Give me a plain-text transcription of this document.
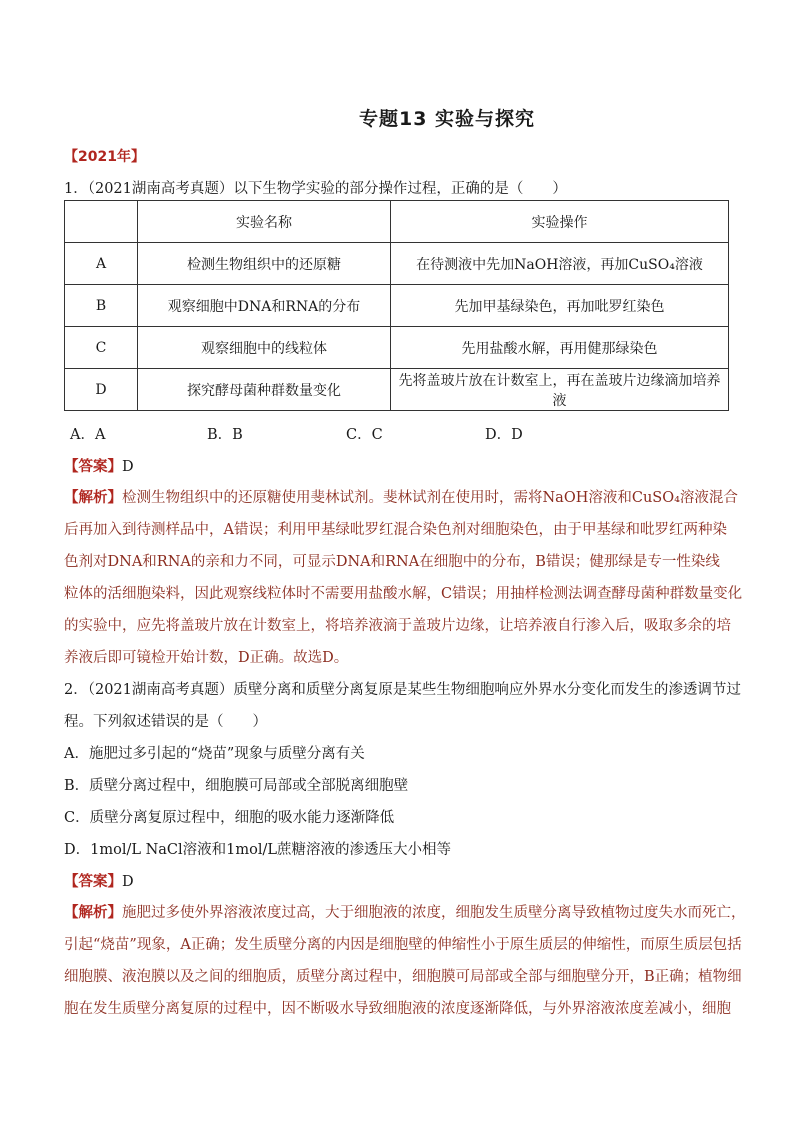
专题13 实验与探究
【2021年】
1．（2021湖南高考真题）以下生物学实验的部分操作过程，正确的是（　　）
	实验名称	实验操作
A	检测生物组织中的还原糖	在待测液中先加NaOH溶液，再加CuSO₄溶液
B	观察细胞中DNA和RNA的分布	先加甲基绿染色，再加吡罗红染色
C	观察细胞中的线粒体	先用盐酸水解，再用健那绿染色
D	探究酵母菌种群数量变化	先将盖玻片放在计数室上，再在盖玻片边缘滴加培养液
A．A	B．B	C．C	D．D
【答案】D
【解析】检测生物组织中的还原糖使用斐林试剂。斐林试剂在使用时，需将NaOH溶液和CuSO₄溶液混合
后再加入到待测样品中，A错误；利用甲基绿吡罗红混合染色剂对细胞染色，由于甲基绿和吡罗红两种染
色剂对DNA和RNA的亲和力不同，可显示DNA和RNA在细胞中的分布，B错误；健那绿是专一性染线
粒体的活细胞染料，因此观察线粒体时不需要用盐酸水解，C错误；用抽样检测法调查酵母菌种群数量变化
的实验中，应先将盖玻片放在计数室上，将培养液滴于盖玻片边缘，让培养液自行渗入后，吸取多余的培
养液后即可镜检开始计数，D正确。故选D。
2．（2021湖南高考真题）质壁分离和质壁分离复原是某些生物细胞响应外界水分变化而发生的渗透调节过
程。下列叙述错误的是（　　）
A．施肥过多引起的“烧苗”现象与质壁分离有关
B．质壁分离过程中，细胞膜可局部或全部脱离细胞壁
C．质壁分离复原过程中，细胞的吸水能力逐渐降低
D．1mol/L NaCl溶液和1mol/L蔗糖溶液的渗透压大小相等
【答案】D
【解析】施肥过多使外界溶液浓度过高，大于细胞液的浓度，细胞发生质壁分离导致植物过度失水而死亡，
引起“烧苗”现象，A正确；发生质壁分离的内因是细胞壁的伸缩性小于原生质层的伸缩性，而原生质层包括
细胞膜、液泡膜以及之间的细胞质，质壁分离过程中，细胞膜可局部或全部与细胞壁分开，B正确；植物细
胞在发生质壁分离复原的过程中，因不断吸水导致细胞液的浓度逐渐降低，与外界溶液浓度差减小，细胞
